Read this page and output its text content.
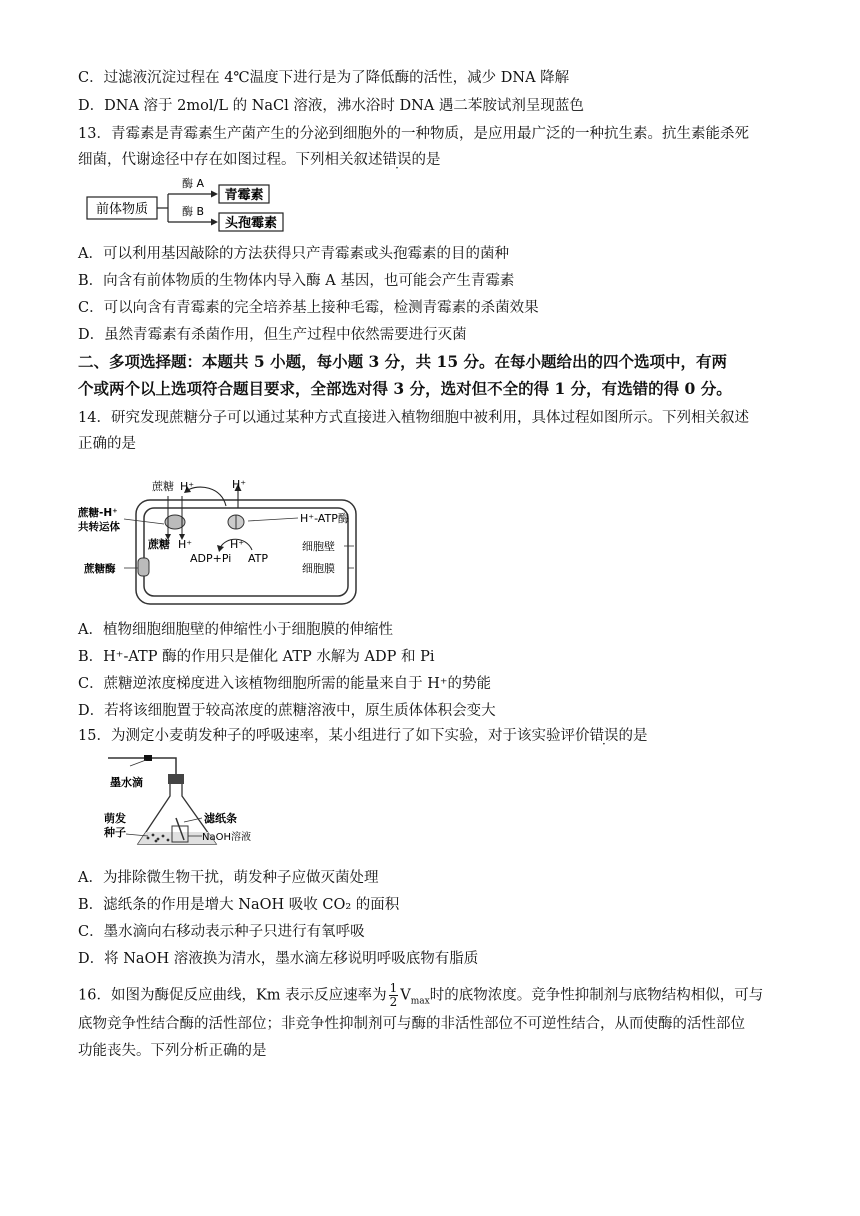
C．过滤液沉淀过程在 4℃温度下进行是为了降低酶的活性，减少 DNA 降解
D．DNA 溶于 2mol/L 的 NaCl 溶液，沸水浴时 DNA 遇二苯胺试剂呈现蓝色
13．青霉素是青霉素生产菌产生的分泌到细胞外的一种物质，是应用最广泛的一种抗生素。抗生素能杀死
细菌，代谢途径中存在如图过程。下列相关叙述错误的是
前体物质
酶 A
酶 B
青霉素
头孢霉素
A．可以利用基因敲除的方法获得只产青霉素或头孢霉素的目的菌种
B．向含有前体物质的生物体内导入酶 A 基因，也可能会产生青霉素
C．可以向含有青霉素的完全培养基上接种毛霉，检测青霉素的杀菌效果
D．虽然青霉素有杀菌作用，但生产过程中依然需要进行灭菌
二、多项选择题：本题共 5 小题，每小题 3 分，共 15 分。在每小题给出的四个选项中，有两
个或两个以上选项符合题目要求，全部选对得 3 分，选对但不全的得 1 分，有选错的得 0 分。
14．研究发现蔗糖分子可以通过某种方式直接进入植物细胞中被利用，具体过程如图所示。下列相关叙述
正确的是
蔗糖 H⁺	H⁺
蔗糖-H⁺
共转运体
蔗糖 H⁺	H⁺
ADP+Pi ATP
H⁺-ATP酶
细胞壁
细胞膜
蔗糖酶
A．植物细胞细胞壁的伸缩性小于细胞膜的伸缩性
B．H⁺-ATP 酶的作用只是催化 ATP 水解为 ADP 和 Pi
C．蔗糖逆浓度梯度进入该植物细胞所需的能量来自于 H⁺的势能
D．若将该细胞置于较高浓度的蔗糖溶液中，原生质体体积会变大
15．为测定小麦萌发种子的呼吸速率，某小组进行了如下实验，对于该实验评价错误的是
墨水滴
萌发
种子
滤纸条
NaOH溶液
A．为排除微生物干扰，萌发种子应做灭菌处理
B．滤纸条的作用是增大 NaOH 吸收 CO₂ 的面积
C．墨水滴向右移动表示种子只进行有氧呼吸
D．将 NaOH 溶液换为清水，墨水滴左移说明呼吸底物有脂质
16．如图为酶促反应曲线，Km 表示反应速率为 $\frac{1}{2} V_{max}$时的底物浓度。竞争性抑制剂与底物结构相似，可与
底物竞争性结合酶的活性部位；非竞争性抑制剂可与酶的非活性部位不可逆性结合，从而使酶的活性部位
功能丧失。下列分析正确的是
